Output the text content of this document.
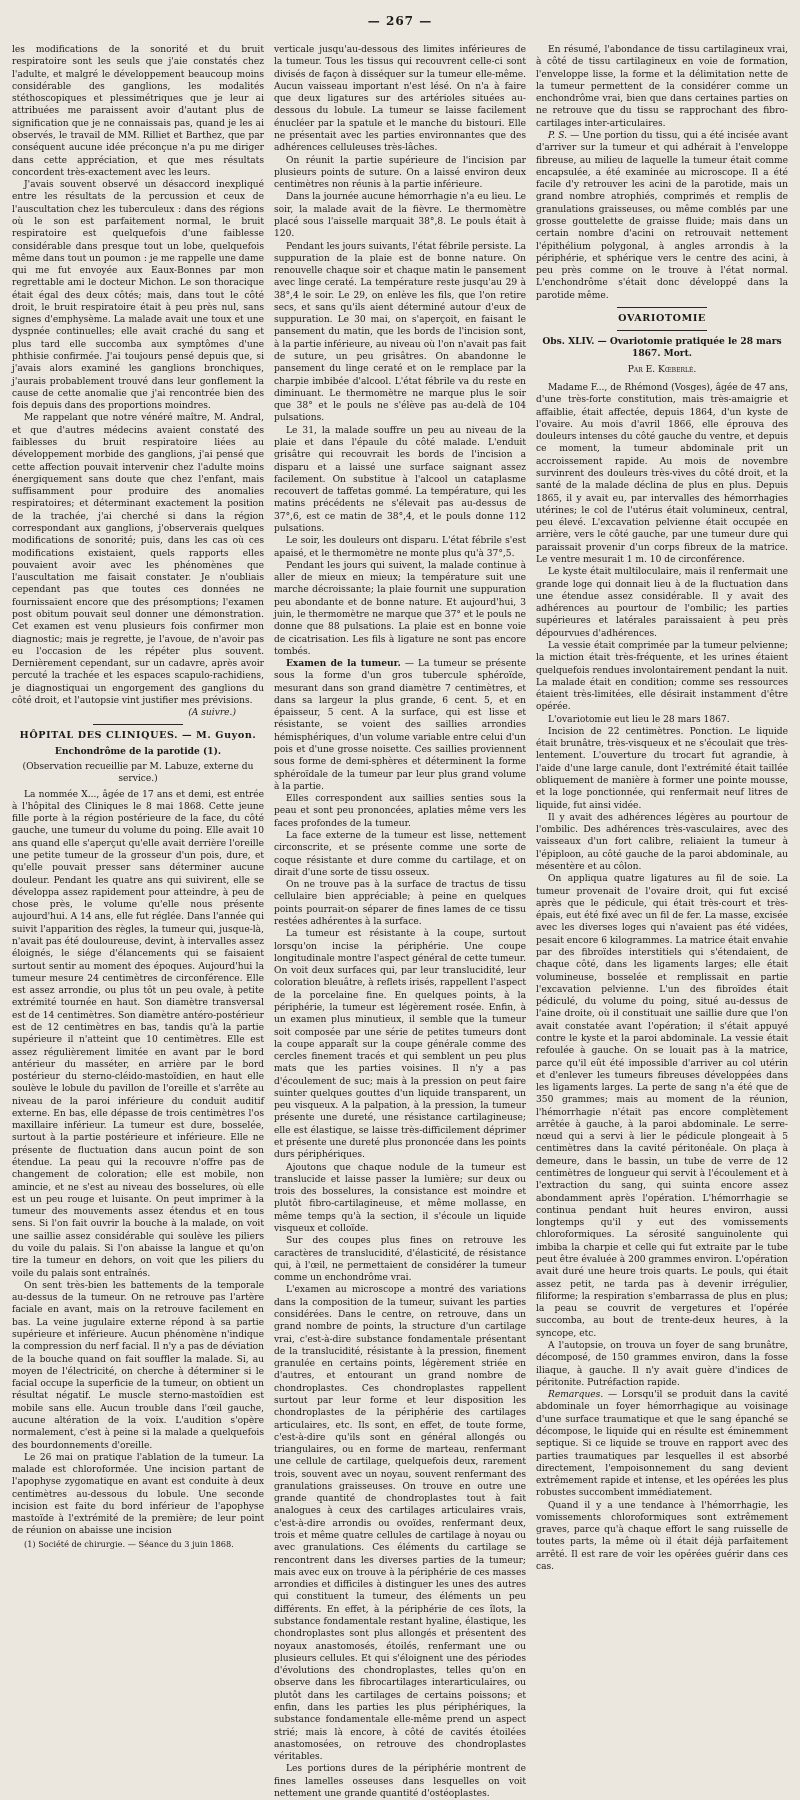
— 267 —

les modifications de la sonorité et du bruit respiratoire sont les seuls que j'aie constatés chez l'adulte, et malgré le développement beaucoup moins considérable des ganglions, les modalités stéthoscopiques et plessimétriques que je leur ai attribuées me paraissent avoir d'autant plus de signification que je ne connaissais pas, quand je les ai observés, le travail de MM. Rilliet et Barthez, que par conséquent aucune idée préconçue n'a pu me diriger dans cette appréciation, et que mes résultats concordent très-exactement avec les leurs.

J'avais souvent observé un désaccord inexpliqué entre les résultats de la percussion et ceux de l'auscultation chez les tuberculeux : dans des régions où le son est parfaitement normal, le bruit respiratoire est quelquefois d'une faiblesse considérable dans presque tout un lobe, quelquefois même dans tout un poumon : je me rappelle une dame qui me fut envoyée aux Eaux-Bonnes par mon regrettable ami le docteur Michon. Le son thoracique était égal des deux côtés; mais, dans tout le côté droit, le bruit respiratoire était à peu près nul, sans signes d'emphysème. La malade avait une toux et une dyspnée continuelles; elle avait craché du sang et plus tard elle succomba aux symptômes d'une phthisie confirmée. J'ai toujours pensé depuis que, si j'avais alors examiné les ganglions bronchiques, j'aurais probablement trouvé dans leur gonflement la cause de cette anomalie que j'ai rencontrée bien des fois depuis dans des proportions moindres.

Me rappelant que notre vénéré maître, M. Andral, et que d'autres médecins avaient constaté des faiblesses du bruit respiratoire liées au développement morbide des ganglions, j'ai pensé que cette affection pouvait intervenir chez l'adulte moins énergiquement sans doute que chez l'enfant, mais suffisamment pour produire des anomalies respiratoires; et déterminant exactement la position de la trachée, j'ai cherché si dans la région correspondant aux ganglions, j'observerais quelques modifications de sonorité; puis, dans les cas où ces modifications existaient, quels rapports elles pouvaient avoir avec les phénomènes que l'auscultation me faisait constater. Je n'oubliais cependant pas que toutes ces données ne fournissaient encore que des présomptions; l'examen post obitum pouvait seul donner une démonstration. Cet examen est venu plusieurs fois confirmer mon diagnostic; mais je regrette, je l'avoue, de n'avoir pas eu l'occasion de les répéter plus souvent. Dernièrement cependant, sur un cadavre, après avoir percuté la trachée et les espaces scapulo-rachidiens, je diagnostiquai un engorgement des ganglions du côté droit, et l'autopsie vint justifier mes prévisions.

(A suivre.)

HÔPITAL DES CLINIQUES. — M. Guyon.
Enchondrôme de la parotide (1).
(Observation recueillie par M. Labuze, externe du service.)

La nommée X..., âgée de 17 ans et demi, est entrée à l'hôpital des Cliniques le 8 mai 1868. Cette jeune fille porte à la région postérieure de la face, du côté gauche, une tumeur du volume du poing. Elle avait 10 ans quand elle s'aperçut qu'elle avait derrière l'oreille une petite tumeur de la grosseur d'un pois, dure, et qu'elle pouvait presser sans déterminer aucune douleur. Pendant les quatre ans qui suivirent, elle se développa assez rapidement pour atteindre, à peu de chose près, le volume qu'elle nous présente aujourd'hui. A 14 ans, elle fut réglée. Dans l'année qui suivit l'apparition des règles, la tumeur qui, jusque-là, n'avait pas été douloureuse, devint, à intervalles assez éloignés, le siége d'élancements qui se faisaient surtout sentir au moment des époques. Aujourd'hui la tumeur mesure 24 centimètres de circonférence. Elle est assez arrondie, ou plus tôt un peu ovale, à petite extrémité tournée en haut. Son diamètre transversal est de 14 centimètres. Son diamètre antéro-postérieur est de 12 centimètres en bas, tandis qu'à la partie supérieure il n'atteint que 10 centimètres. Elle est assez régulièrement limitée en avant par le bord antérieur du masséter, en arrière par le bord postérieur du sterno-cléido-mastoïdien, en haut elle soulève le lobule du pavillon de l'oreille et s'arrête au niveau de la paroi inférieure du conduit auditif externe. En bas, elle dépasse de trois centimètres l'os maxillaire inférieur. La tumeur est dure, bosselée, surtout à la partie postérieure et inférieure. Elle ne présente de fluctuation dans aucun point de son étendue. La peau qui la recouvre n'offre pas de changement de coloration; elle est mobile, non amincie, et ne s'est au niveau des bosselures, où elle est un peu rouge et luisante. On peut imprimer à la tumeur des mouvements assez étendus et en tous sens. Si l'on fait ouvrir la bouche à la malade, on voit une saillie assez considérable qui soulève les piliers du voile du palais. Si l'on abaisse la langue et qu'on tire la tumeur en dehors, on voit que les piliers du voile du palais sont entraînés.

On sent très-bien les battements de la temporale au-dessus de la tumeur. On ne retrouve pas l'artère faciale en avant, mais on la retrouve facilement en bas. La veine jugulaire externe répond à sa partie supérieure et inférieure. Aucun phénomène n'indique la compression du nerf facial. Il n'y a pas de déviation de la bouche quand on fait souffler la malade. Si, au moyen de l'électricité, on cherche à déterminer si le facial occupe la superficie de la tumeur, on obtient un résultat négatif. Le muscle sterno-mastoïdien est mobile sans elle. Aucun trouble dans l'œil gauche, aucune altération de la voix. L'audition s'opère normalement, c'est à peine si la malade a quelquefois des bourdonnements d'oreille.

Le 26 mai on pratique l'ablation de la tumeur. La malade est chloroformée. Une incision partant de l'apophyse zygomatique en avant est conduite à deux centimètres au-dessous du lobule. Une seconde incision est faite du bord inférieur de l'apophyse mastoïde à l'extrémité de la première; de leur point de réunion on abaisse une incision

(1) Société de chirurgie. — Séance du 3 juin 1868.

verticale jusqu'au-dessous des limites inférieures de la tumeur. Tous les tissus qui recouvrent celle-ci sont divisés de façon à disséquer sur la tumeur elle-même. Aucun vaisseau important n'est lésé. On n'a à faire que deux ligatures sur des artérioles situées au-dessous du lobule. La tumeur se laisse facilement énucléer par la spatule et le manche du bistouri. Elle ne présentait avec les parties environnantes que des adhérences celluleuses très-lâches.

On réunit la partie supérieure de l'incision par plusieurs points de suture. On a laissé environ deux centimètres non réunis à la partie inférieure.

Dans la journée aucune hémorrhagie n'a eu lieu. Le soir, la malade avait de la fièvre. Le thermomètre placé sous l'aisselle marquait 38°,8. Le pouls était à 120.

Pendant les jours suivants, l'état fébrile persiste. La suppuration de la plaie est de bonne nature. On renouvelle chaque soir et chaque matin le pansement avec linge ceraté. La température reste jusqu'au 29 à 38°,4 le soir. Le 29, on enlève les fils, que l'on retire secs, et sans qu'ils aient déterminé autour d'eux de suppuration. Le 30 mai, on s'aperçoit, en faisant le pansement du matin, que les bords de l'incision sont, à la partie inférieure, au niveau où l'on n'avait pas fait de suture, un peu grisâtres. On abandonne le pansement du linge ceraté et on le remplace par la charpie imbibée d'alcool. L'état fébrile va du reste en diminuant. Le thermomètre ne marque plus le soir que 38° et le pouls ne s'élève pas au-delà de 104 pulsations.

Le 31, la malade souffre un peu au niveau de la plaie et dans l'épaule du côté malade. L'enduit grisâtre qui recouvrait les bords de l'incision a disparu et a laissé une surface saignant assez facilement. On substitue à l'alcool un cataplasme recouvert de taffetas gommé. La température, qui les matins précédents ne s'élevait pas au-dessus de 37°,6, est ce matin de 38°,4, et le pouls donne 112 pulsations.

Le soir, les douleurs ont disparu. L'état fébrile s'est apaisé, et le thermomètre ne monte plus qu'à 37°,5.

Pendant les jours qui suivent, la malade continue à aller de mieux en mieux; la température suit une marche décroissante; la plaie fournit une suppuration peu abondante et de bonne nature. Et aujourd'hui, 3 juin, le thermomètre ne marque que 37° et le pouls ne donne que 88 pulsations. La plaie est en bonne voie de cicatrisation. Les fils à ligature ne sont pas encore tombés.

Examen de la tumeur. — La tumeur se présente sous la forme d'un gros tubercule sphéroïde, mesurant dans son grand diamètre 7 centimètres, et dans sa largeur la plus grande, 6 cent. 5, et en épaisseur, 5 cent. A la surface, qui est lisse et résistante, se voient des saillies arrondies hémisphériques, d'un volume variable entre celui d'un pois et d'une grosse noisette. Ces saillies proviennent sous forme de demi-sphères et déterminent la forme sphéroïdale de la tumeur par leur plus grand volume à la partie.

Elles correspondent aux saillies senties sous la peau et sont peu prononcées, aplaties même vers les faces profondes de la tumeur.

La face externe de la tumeur est lisse, nettement circonscrite, et se présente comme une sorte de coque résistante et dure comme du cartilage, et on dirait d'une sorte de tissu osseux.

On ne trouve pas à la surface de tractus de tissu cellulaire bien appréciable; à peine en quelques points pourrait-on séparer de fines lames de ce tissu restées adhérentes à la surface.

La tumeur est résistante à la coupe, surtout lorsqu'on incise la périphérie. Une coupe longitudinale montre l'aspect général de cette tumeur. On voit deux surfaces qui, par leur translucidité, leur coloration bleuâtre, à reflets irisés, rappellent l'aspect de la porcelaine fine. En quelques points, à la périphérie, la tumeur est légèrement rosée. Enfin, à un examen plus minutieux, il semble que la tumeur soit composée par une série de petites tumeurs dont la coupe apparaît sur la coupe générale comme des cercles finement tracés et qui semblent un peu plus mats que les parties voisines. Il n'y a pas d'écoulement de suc; mais à la pression on peut faire suinter quelques gouttes d'un liquide transparent, un peu visqueux. A la palpation, à la pression, la tumeur présente une dureté, une résistance cartilagineuse; elle est élastique, se laisse très-difficilement déprimer et présente une dureté plus prononcée dans les points durs périphériques.

Ajoutons que chaque nodule de la tumeur est translucide et laisse passer la lumière; sur deux ou trois des bosselures, la consistance est moindre et plutôt fibro-cartilagineuse, et même mollasse, en même temps qu'à la section, il s'écoule un liquide visqueux et colloïde.

Sur des coupes plus fines on retrouve les caractères de translucidité, d'élasticité, de résistance qui, à l'œil, ne permettaient de considérer la tumeur comme un enchondrôme vrai.

L'examen au microscope a montré des variations dans la composition de la tumeur, suivant les parties considérées. Dans le centre, on retrouve, dans un grand nombre de points, la structure d'un cartilage vrai, c'est-à-dire substance fondamentale présentant de la translucidité, résistante à la pression, finement granulée en certains points, légèrement striée en d'autres, et entourant un grand nombre de chondroplastes. Ces chondroplastes rappellent surtout par leur forme et leur disposition les chondroplastes de la périphérie des cartilages articulaires, etc. Ils sont, en effet, de toute forme, c'est-à-dire qu'ils sont en général allongés ou triangulaires, ou en forme de marteau, renfermant une cellule de cartilage, quelquefois deux, rarement trois, souvent avec un noyau, souvent renfermant des granulations graisseuses. On trouve en outre une grande quantité de chondroplastes tout à fait analogues à ceux des cartilages articulaires vrais, c'est-à-dire arrondis ou ovoïdes, renfermant deux, trois et même quatre cellules de cartilage à noyau ou avec granulations. Ces éléments du cartilage se rencontrent dans les diverses parties de la tumeur; mais avec eux on trouve à la périphérie de ces masses arrondies et difficiles à distinguer les unes des autres qui constituent la tumeur, des éléments un peu différents. En effet, à la périphérie de ces îlots, la substance fondamentale restant hyaline, élastique, les chondroplastes sont plus allongés et présentent des noyaux anastomosés, étoilés, renfermant une ou plusieurs cellules. Et qui s'éloignent une des périodes d'évolutions des chondroplastes, telles qu'on en observe dans les fibrocartilages interarticulaires, ou plutôt dans les cartilages de certains poissons; et enfin, dans les parties les plus périphériques, la substance fondamentale elle-même prend un aspect strié; mais là encore, à côté de cavités étoilées anastomosées, on retrouve des chondroplastes véritables.

Les portions dures de la périphérie montrent de fines lamelles osseuses dans lesquelles on voit nettement une grande quantité d'ostéoplastes.

En résumé, l'abondance de tissu cartilagineux vrai, à côté de tissu cartilagineux en voie de formation, l'enveloppe lisse, la forme et la délimitation nette de la tumeur permettent de la considérer comme un enchondrôme vrai, bien que dans certaines parties on ne retrouve que du tissu se rapprochant des fibro-cartilages inter-articulaires.

P. S. — Une portion du tissu, qui a été incisée avant d'arriver sur la tumeur et qui adhérait à l'enveloppe fibreuse, au milieu de laquelle la tumeur était comme encapsulée, a été examinée au microscope. Il a été facile d'y retrouver les acini de la parotide, mais un grand nombre atrophiés, comprimés et remplis de granulations graisseuses, ou même comblés par une grosse gouttelette de graisse fluide; mais dans un certain nombre d'acini on retrouvait nettement l'épithélium polygonal, à angles arrondis à la périphérie, et sphérique vers le centre des acini, à peu près comme on le trouve à l'état normal. L'enchondrôme s'était donc développé dans la parotide même.

OVARIOTOMIE
Obs. XLIV. — Ovariotomie pratiquée le 28 mars 1867. Mort.
Par E. Kœberlé.

Madame F..., de Rhémond (Vosges), âgée de 47 ans, d'une très-forte constitution, mais très-amaigrie et affaiblie, était affectée, depuis 1864, d'un kyste de l'ovaire. Au mois d'avril 1866, elle éprouva des douleurs intenses du côté gauche du ventre, et depuis ce moment, la tumeur abdominale prit un accroissement rapide. Au mois de novembre survinrent des douleurs très-vives du côté droit, et la santé de la malade déclina de plus en plus. Depuis 1865, il y avait eu, par intervalles des hémorrhagies utérines; le col de l'utérus était volumineux, central, peu élevé. L'excavation pelvienne était occupée en arrière, vers le côté gauche, par une tumeur dure qui paraissait provenir d'un corps fibreux de la matrice. Le ventre mesurait 1 m. 10 de circonférence.

Le kyste était multiloculaire, mais il renfermait une grande loge qui donnait lieu à de la fluctuation dans une étendue assez considérable. Il y avait des adhérences au pourtour de l'ombilic; les parties supérieures et latérales paraissaient à peu près dépourvues d'adhérences.

La vessie était comprimée par la tumeur pelvienne; la miction était très-fréquente, et les urines étaient quelquefois rendues involontairement pendant la nuit. La malade était en condition; comme ses ressources étaient très-limitées, elle désirait instamment d'être opérée.

L'ovariotomie eut lieu le 28 mars 1867.

Incision de 22 centimètres. Ponction. Le liquide était brunâtre, très-visqueux et ne s'écoulait que très-lentement. L'ouverture du trocart fut agrandie, à l'aide d'une large canule, dont l'extrémité était taillée obliquement de manière à former une pointe mousse, et la loge ponctionnée, qui renfermait neuf litres de liquide, fut ainsi vidée.

Il y avait des adhérences légères au pourtour de l'ombilic. Des adhérences très-vasculaires, avec des vaisseaux d'un fort calibre, reliaient la tumeur à l'épiploon, au côté gauche de la paroi abdominale, au mésentère et au côlon.

On appliqua quatre ligatures au fil de soie. La tumeur provenait de l'ovaire droit, qui fut excisé après que le pédicule, qui était très-court et très-épais, eut été fixé avec un fil de fer. La masse, excisée avec les diverses loges qui n'avaient pas été vidées, pesait encore 6 kilogrammes. La matrice était envahie par des fibroïdes interstitiels qui s'étendaient, de chaque côté, dans les ligaments larges; elle était volumineuse, bosselée et remplissait en partie l'excavation pelvienne. L'un des fibroïdes était pédiculé, du volume du poing, situé au-dessus de l'aine droite, où il constituait une saillie dure que l'on avait constatée avant l'opération; il s'était appuyé contre le kyste et la paroi abdominale. La vessie était refoulée à gauche. On se louait pas à la matrice, parce qu'il eût été impossible d'arriver au col utérin et d'enlever les tumeurs fibreuses développées dans les ligaments larges. La perte de sang n'a été que de 350 grammes; mais au moment de la réunion, l'hémorrhagie n'était pas encore complètement arrêtée à gauche, à la paroi abdominale. Le serre-nœud qui a servi à lier le pédicule plongeait à 5 centimètres dans la cavité péritonéale. On plaça à demeure, dans le bassin, un tube de verre de 12 centimètres de longueur qui servit à l'écoulement et à l'extraction du sang, qui suinta encore assez abondamment après l'opération. L'hémorrhagie se continua pendant huit heures environ, aussi longtemps qu'il y eut des vomissements chloroformiques. La sérosité sanguinolente qui imbiba la charpie et celle qui fut extraite par le tube peut être évaluée à 200 grammes environ. L'opération avait duré une heure trois quarts. Le pouls, qui était assez petit, ne tarda pas à devenir irrégulier, filiforme; la respiration s'embarrassa de plus en plus; la peau se couvrit de vergetures et l'opérée succomba, au bout de trente-deux heures, à la syncope, etc.

A l'autopsie, on trouva un foyer de sang brunâtre, décomposé, de 150 grammes environ, dans la fosse iliaque, à gauche. Il n'y avait guère d'indices de péritonite. Putréfaction rapide.

Remarques. — Lorsqu'il se produit dans la cavité abdominale un foyer hémorrhagique au voisinage d'une surface traumatique et que le sang épanché se décompose, le liquide qui en résulte est éminemment septique. Si ce liquide se trouve en rapport avec des parties traumatiques par lesquelles il est absorbé directement, l'empoisonnement du sang devient extrêmement rapide et intense, et les opérées les plus robustes succombent immédiatement.

Quand il y a une tendance à l'hémorrhagie, les vomissements chloroformiques sont extrêmement graves, parce qu'à chaque effort le sang ruisselle de toutes parts, la même où il était déjà parfaitement arrêté. Il est rare de voir les opérées guérir dans ces cas.
